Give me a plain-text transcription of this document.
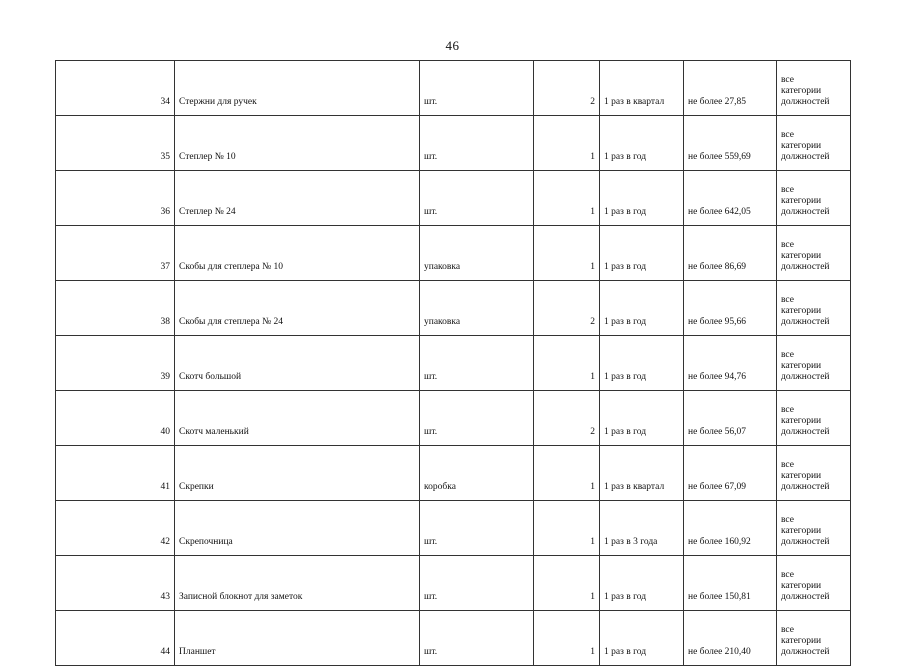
46
34	Стержни для ручек	шт.	2	1 раз в квартал	не более 27,85	все
категории
должностей

35	Степлер № 10	шт.	1	1 раз в год	не более 559,69	все
категории
должностей

36	Степлер № 24	шт.	1	1 раз в год	не более 642,05	все
категории
должностей

37	Скобы для степлера № 10	упаковка	1	1 раз в год	не более 86,69	все
категории
должностей

38	Скобы для степлера № 24	упаковка	2	1 раз в год	не более 95,66	все
категории
должностей

39	Скотч большой	шт.	1	1 раз в год	не более 94,76	все
категории
должностей

40	Скотч маленький	шт.	2	1 раз в год	не более 56,07	все
категории
должностей

41	Скрепки	коробка	1	1 раз в квартал	не более 67,09	все
категории
должностей

42	Скрепочница	шт.	1	1 раз в 3 года	не более 160,92	все
категории
должностей

43	Записной блокнот для заметок	шт.	1	1 раз в год	не более 150,81	все
категории
должностей

44	Планшет	шт.	1	1 раз в год	не более 210,40	все
категории
должностей
